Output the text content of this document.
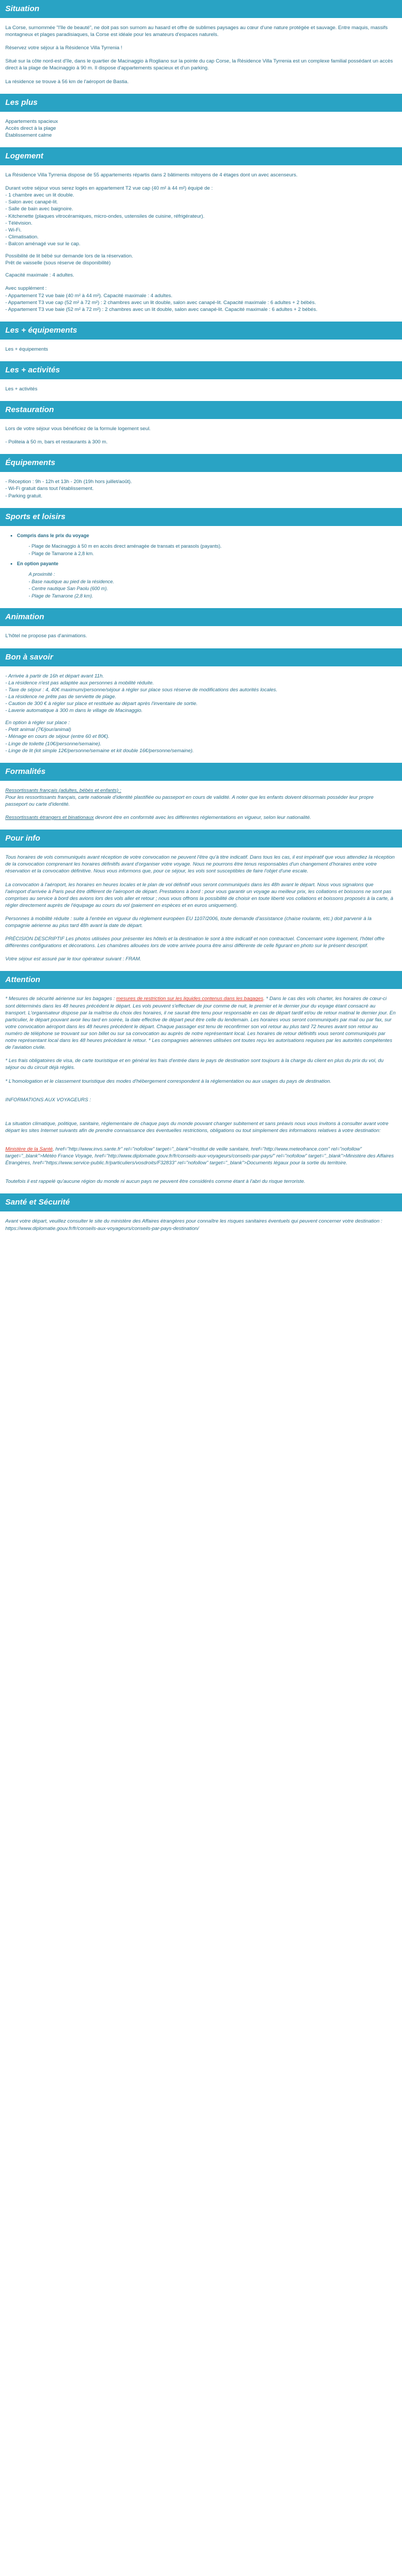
Situation

La Corse, surnommée "l'île de beauté", ne doit pas son surnom au hasard et offre de sublimes paysages au cœur d'une nature protégée et sauvage. Entre maquis, massifs montagneux et plages paradisiaques, la Corse est idéale pour les amateurs d'espaces naturels.

Réservez votre séjour à la Résidence Villa Tyrrenia !

Situé sur la côte nord-est d'île, dans le quartier de Macinaggio à Rogliano sur la pointe du cap Corse, la Résidence Villa Tyrrenia est un complexe familial possédant un accès direct à la plage de Macinaggio à 90 m. Il dispose d'appartements spacieux et d'un parking.

La résidence se trouve à 56 km de l'aéroport de Bastia.

Les plus
Appartements spacieux
Accès direct à la plage
Établissement calme
Logement

La Résidence Villa Tyrrenia dispose de 55 appartements répartis dans 2 bâtiments mitoyens de 4 étages dont un avec ascenseurs.

Durant votre séjour vous serez logés en appartement T2 vue cap (40 m² à 44 m²) équipé de :
- 1 chambre avec un lit double.
- Salon avec canapé-lit.
- Salle de bain avec baignoire.
- Kitchenette (plaques vitrocéramiques, micro-ondes, ustensiles de cuisine, réfrigérateur).
- Télévision.
- Wi-Fi.
- Climatisation.
- Balcon aménagé vue sur le cap.
Possibilité de lit bébé sur demande lors de la réservation.
Prêt de vaisselle (sous réserve de disponibilité)

Capacité maximale : 4 adultes.

Avec supplément :
- Appartement T2 vue baie (40 m² à 44 m²). Capacité maximale : 4 adultes.
- Appartement T3 vue cap (52 m² à 72 m²) : 2 chambres avec un lit double, salon avec canapé-lit. Capacité maximale : 6 adultes + 2 bébés.
- Appartement T3 vue baie (52 m² à 72 m²) : 2 chambres avec un lit double, salon avec canapé-lit. Capacité maximale : 6 adultes + 2 bébés.
Les + équipements

Les + équipements

Les + activités

Les + activités

Restauration

Lors de votre séjour vous bénéficiez de la formule logement seul.

- Politeia à 50 m, bars et restaurants à 300 m.

Équipements
- Réception : 9h - 12h et 13h - 20h (19h hors juillet/août).
- Wi-Fi gratuit dans tout l'établissement.
- Parking gratuit.
Sports et loisirs
• Compris dans le prix du voyage
- Plage de Macinaggio à 50 m en accès direct aménagée de transats et parasols (payants).
- Plage de Tamarone à 2,8 km.
• En option payante
A proximité :
- Base nautique au pied de la résidence.
- Centre nautique San Paolu (600 m).
- Plage de Tamarone (2,8 km).
Animation

L'hôtel ne propose pas d'animations.

Bon à savoir
- Arrivée à partir de 16h et départ avant 11h.
- La résidence n'est pas adaptée aux personnes à mobilité réduite.
- Taxe de séjour : 4, 40€ maximum/personne/séjour à régler sur place sous réserve de modifications des autorités locales.
- La résidence ne prête pas de serviette de plage.
- Caution de 300 € à régler sur place et restituée au départ après l'inventaire de sortie.
- Laverie automatique à 300 m dans le village de Macinaggio.
En option à régler sur place :
- Petit animal (7€/jour/animal)
- Ménage en cours de séjour (entre 60 et 80€).
- Linge de toilette (10€/personne/semaine).
- Linge de lit (kit simple 12€/personne/semaine et kit double 16€/personne/semaine).
Formalités

Ressortissants français (adultes, bébés et enfants) :
Pour les ressortissants français, carte nationale d'identité plastifiée ou passeport en cours de validité. A noter que les enfants doivent désormais posséder leur propre passeport ou carte d'identité.

Ressortissants étrangers et binationaux devront être en conformité avec les différentes réglementations en vigueur, selon leur nationalité.

Pour info

Tous horaires de vols communiqués avant réception de votre convocation ne peuvent l'être qu'à titre indicatif. Dans tous les cas, il est impératif que vous attendiez la réception de la convocation comprenant les horaires définitifs avant d'organiser votre voyage. Nous ne pourrons être tenus responsables d'un changement d'horaires entre votre réservation et la convocation définitive. Nous vous informons que, pour ce séjour, les vols sont susceptibles de faire l'objet d'une escale.

La convocation à l'aéroport, les horaires en heures locales et le plan de vol définitif vous seront communiqués dans les 48h avant le départ. Nous vous signalons que l'aéroport d'arrivée à Paris peut être différent de l'aéroport de départ. Prestations à bord : pour vous garantir un voyage au meilleur prix, les collations et boissons ne sont pas comprises au service à bord des avions lors des vols aller et retour ; nous vous offrons la possibilité de choisir en toute liberté vos collations et boissons proposés à la carte, à régler directement auprès de l'équipage au cours du vol (paiement en espèces et en euros uniquement).

Personnes à mobilité réduite : suite à l'entrée en vigueur du règlement européen EU 1107/2006, toute demande d'assistance (chaise roulante, etc.) doit parvenir à la compagnie aérienne au plus tard 48h avant la date de départ.

PRÉCISION DESCRIPTIF Les photos utilisées pour présenter les hôtels et la destination le sont à titre indicatif et non contractuel. Concernant votre logement, l'hôtel offre différentes configurations et décorations. Les chambres allouées lors de votre arrivée pourra être ainsi différente de celle figurant en photo sur le présent descriptif.

Votre séjour est assuré par le tour opérateur suivant : FRAM.

Attention

* Mesures de sécurité aérienne sur les bagages : mesures de restriction sur les liquides contenus dans les bagages. * Dans le cas des vols charter, les horaires de cœur-ci sont déterminés dans les 48 heures précédent le départ. Les vols peuvent s'effectuer de jour comme de nuit, le premier et le dernier jour du voyage étant consacré au transport. L'organisateur dispose par la maîtrise du choix des horaires, il ne saurait être tenu pour responsable en cas de départ tardif et/ou de retour matinal le dernier jour. En particulier, le départ pouvant avoir lieu tard en soirée, la date effective de départ peut être celle du lendemain. Les horaires vous seront communiqués par mail ou par fax, sur votre convocation aéroport dans les 48 heures précédent le départ. Chaque passager est tenu de reconfirmer son vol retour au plus tard 72 heures avant son retour au numéro de téléphone se trouvant sur son billet ou sur sa convocation au auprès de notre représentant local. Les horaires de retour définitifs vous seront communiqués par notre représentant local dans les 48 heures précédant le retour. * Les compagnies aériennes utilisées ont toutes reçu les autorisations requises par les autorités compétentes de l'aviation civile.

* Les frais obligatoires de visa, de carte touristique et en général les frais d'entrée dans le pays de destination sont toujours à la charge du client en plus du prix du vol, du séjour ou du circuit déjà réglés.

* L'homologation et le classement touristique des modes d'hébergement correspondent à la réglementation ou aux usages du pays de destination.

INFORMATIONS AUX VOYAGEURS :

La situation climatique, politique, sanitaire, réglementaire de chaque pays du monde pouvant changer subitement et sans préavis nous vous invitons à consulter avant votre départ les sites Internet suivants afin de prendre connaissance des éventuelles restrictions, obligations ou tout simplement des informations relatives à votre destination:

Ministère de la Santé, href="http://www.invs.sante.fr" rel="nofollow" target="_blank">Institut de veille sanitaire, href="http://www.meteofrance.com" rel="nofollow" target="_blank">Météo France Voyage, href="http://www.diplomatie.gouv.fr/fr/conseils-aux-voyageurs/conseils-par-pays/" rel="nofollow" target="_blank">Ministère des Affaires Étrangères, href="https://www.service-public.fr/particuliers/vosdroits/F32833" rel="nofollow" target="_blank">Documents légaux pour la sortie du territoire.

Toutefois il est rappelé qu'aucune région du monde ni aucun pays ne peuvent être considérés comme étant à l'abri du risque terroriste.

Santé et Sécurité

Avant votre départ, veuillez consulter le site du ministère des Affaires étrangères pour connaître les risques sanitaires éventuels qui peuvent concerner votre destination : https://www.diplomatie.gouv.fr/fr/conseils-aux-voyageurs/conseils-par-pays-destination/
